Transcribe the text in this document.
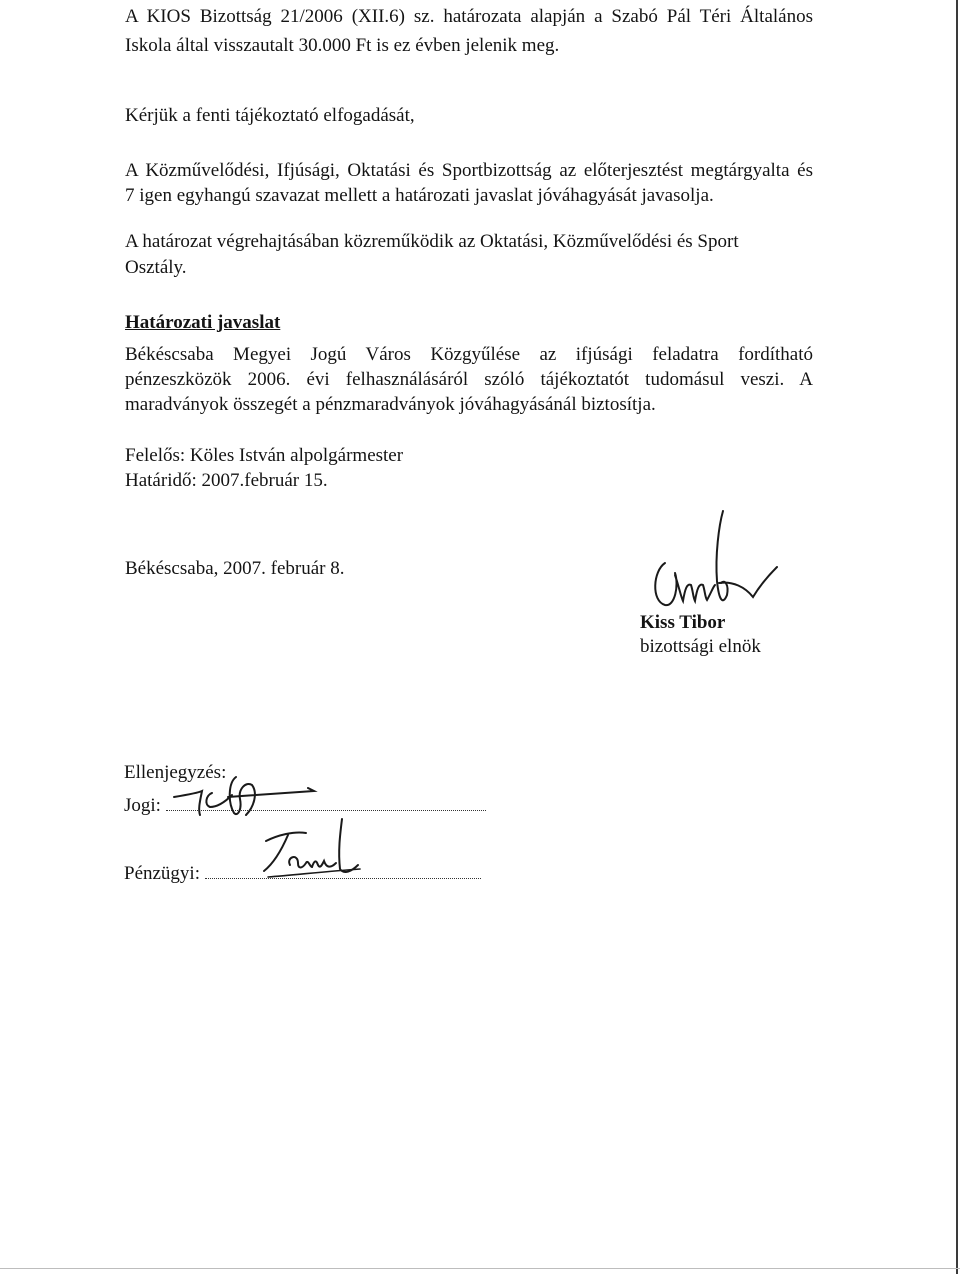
A KIOS Bizottság 21/2006 (XII.6) sz. határozata alapján a Szabó Pál Téri Általános
Iskola által visszautalt 30.000 Ft is ez évben jelenik meg.
Kérjük a fenti tájékoztató elfogadását,
A Közművelődési, Ifjúsági, Oktatási és Sportbizottság az előterjesztést megtárgyalta és
7 igen egyhangú szavazat mellett a határozati javaslat jóváhagyását javasolja.
A határozat végrehajtásában közreműködik az Oktatási, Közművelődési és Sport
Osztály.
Határozati javaslat
Békéscsaba Megyei Jogú Város Közgyűlése az ifjúsági feladatra fordítható
pénzeszközök 2006. évi felhasználásáról szóló tájékoztatót tudomásul veszi. A
maradványok összegét a pénzmaradványok jóváhagyásánál biztosítja.
Felelős: Köles István alpolgármester
Határidő: 2007.február 15.
Békéscsaba, 2007. február 8.
Kiss Tibor
bizottsági elnök
Ellenjegyzés:
Jogi:
Pénzügyi:
